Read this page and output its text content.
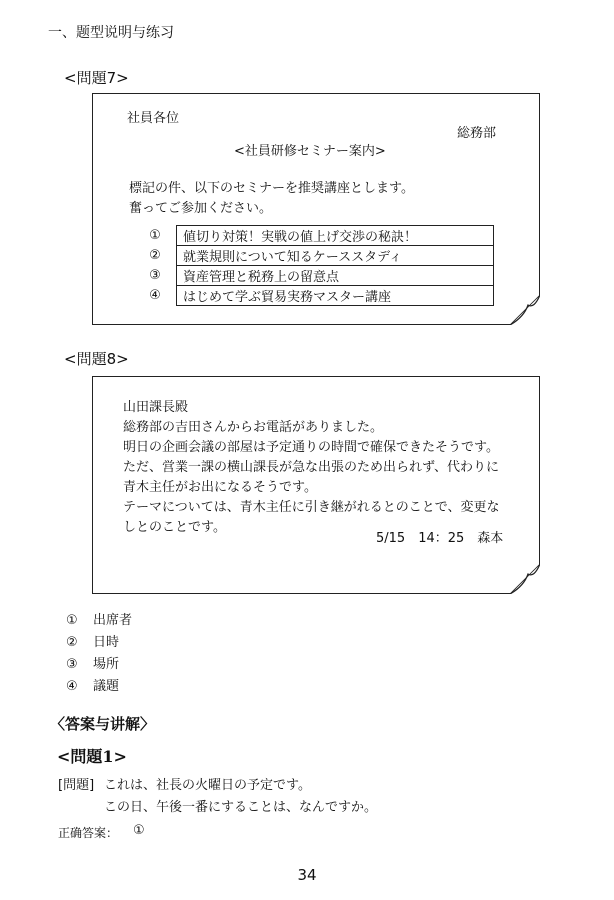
一、题型说明与练习
<問題7>
社員各位
総務部
<社員研修セミナー案内>
標記の件、以下のセミナーを推奨講座とします。
奮ってご参加ください。
①	値切り対策！実戦の値上げ交渉の秘訣！
②	就業規則について知るケーススタディ
③	資産管理と税務上の留意点
④	はじめて学ぶ貿易実務マスター講座
<問題8>
山田課長殿
総務部の吉田さんからお電話がありました。
明日の企画会議の部屋は予定通りの時間で確保できたそうです。
ただ、営業一課の横山課長が急な出張のため出られず、代わりに
青木主任がお出になるそうです。
テーマについては、青木主任に引き継がれるとのことで、変更な
しとのことです。
5/15　14：25　森本
① 出席者
② 日時
③ 場所
④ 議題
〈答案与讲解〉
<問題1>
[問題] これは、社長の火曜日の予定です。
この日、午後一番にすることは、なんですか。
正确答案： ①
34
